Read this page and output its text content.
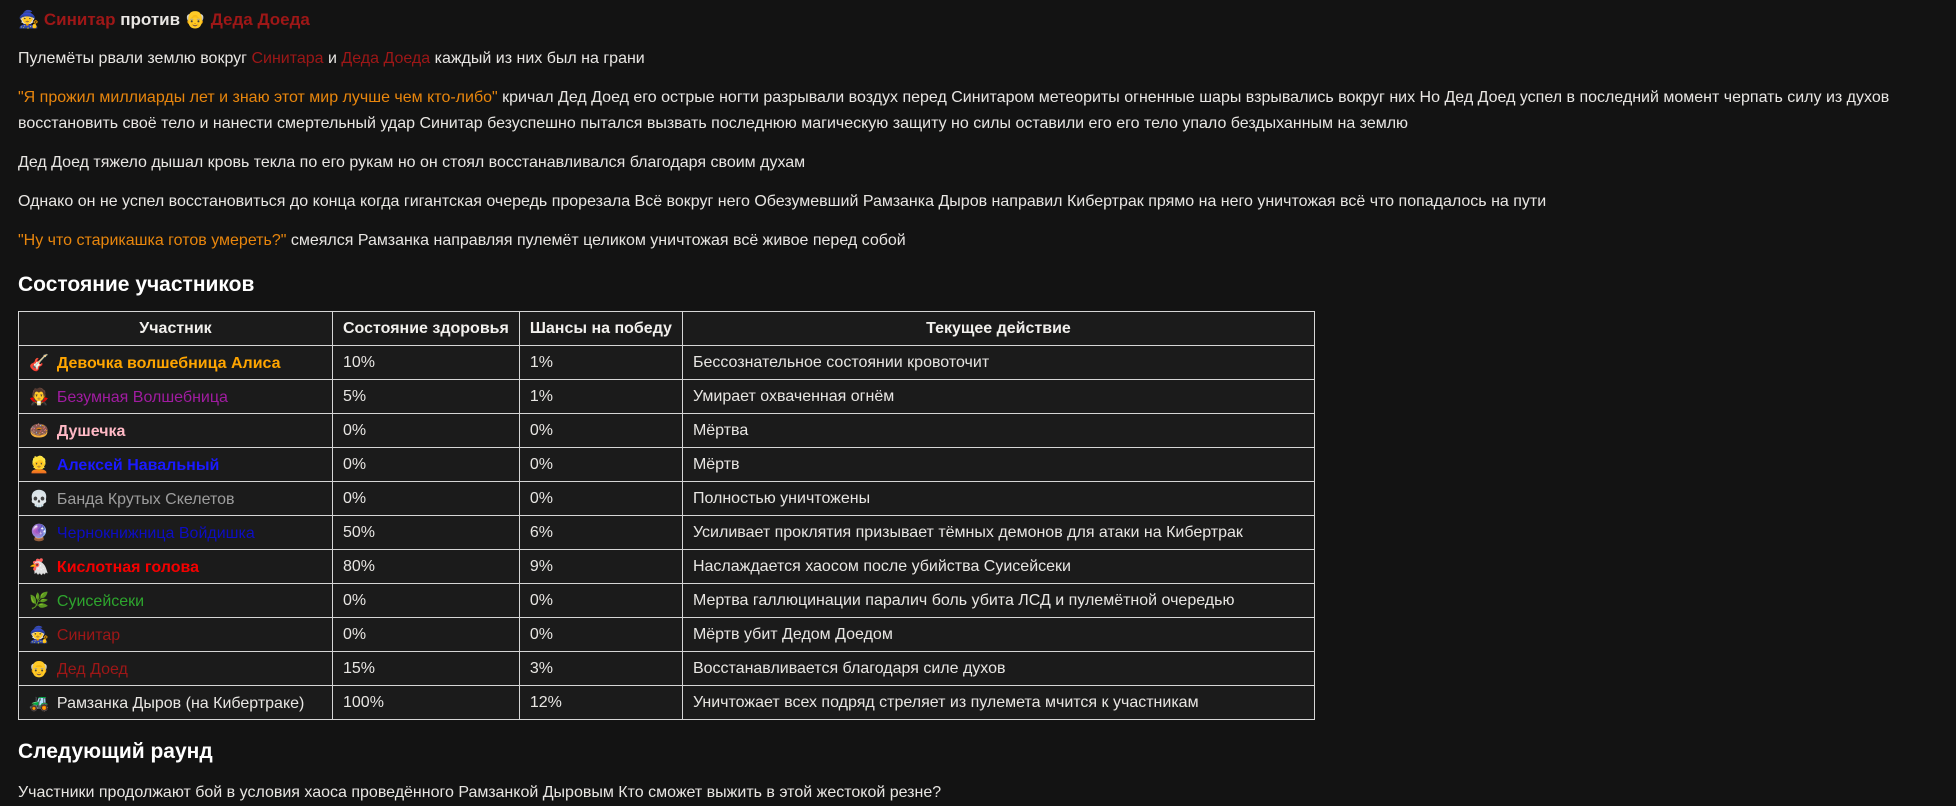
🧙 Синитар против 👴 Деда Доеда

Пулемёты рвали землю вокруг Синитара и Деда Доеда каждый из них был на грани

"Я прожил миллиарды лет и знаю этот мир лучше чем кто-либо" кричал Дед Доед его острые ногти разрывали воздух перед Синитаром метеориты огненные шары взрывались вокруг них Но Дед Доед успел в последний момент черпать силу из духов восстановить своё тело и нанести смертельный удар Синитар безуспешно пытался вызвать последнюю магическую защиту но силы оставили его его тело упало бездыханным на землю

Дед Доед тяжело дышал кровь текла по его рукам но он стоял восстанавливался благодаря своим духам

Однако он не успел восстановиться до конца когда гигантская очередь прорезала Всё вокруг него Обезумевший Рамзанка Дыров направил Кибертрак прямо на него уничтожая всё что попадалось на пути

"Ну что старикашка готов умереть?" смеялся Рамзанка направляя пулемёт целиком уничтожая всё живое перед собой

Состояние участников
Участник	Состояние здоровья	Шансы на победу	Текущее действие
🎸 Девочка волшебница Алиса	10%	1%	Бессознательное состоянии кровоточит
🧛 Безумная Волшебница	5%	1%	Умирает охваченная огнём
🍩 Душечка	0%	0%	Мёртва
👱 Алексей Навальный	0%	0%	Мёртв
💀 Банда Крутых Скелетов	0%	0%	Полностью уничтожены
🔮 Чернокнижница Войдишка	50%	6%	Усиливает проклятия призывает тёмных демонов для атаки на Кибертрак
🐔 Кислотная голова	80%	9%	Наслаждается хаосом после убийства Суисейсеки
🌿 Суисейсеки	0%	0%	Мертва галлюцинации паралич боль убита ЛСД и пулемётной очередью
🧙 Синитар	0%	0%	Мёртв убит Дедом Доедом
👴 Дед Доед	15%	3%	Восстанавливается благодаря силе духов
🚜 Рамзанка Дыров (на Кибертраке)	100%	12%	Уничтожает всех подряд стреляет из пулемета мчится к участникам
Следующий раунд

Участники продолжают бой в условия хаоса проведённого Рамзанкой Дыровым Кто сможет выжить в этой жестокой резне?
